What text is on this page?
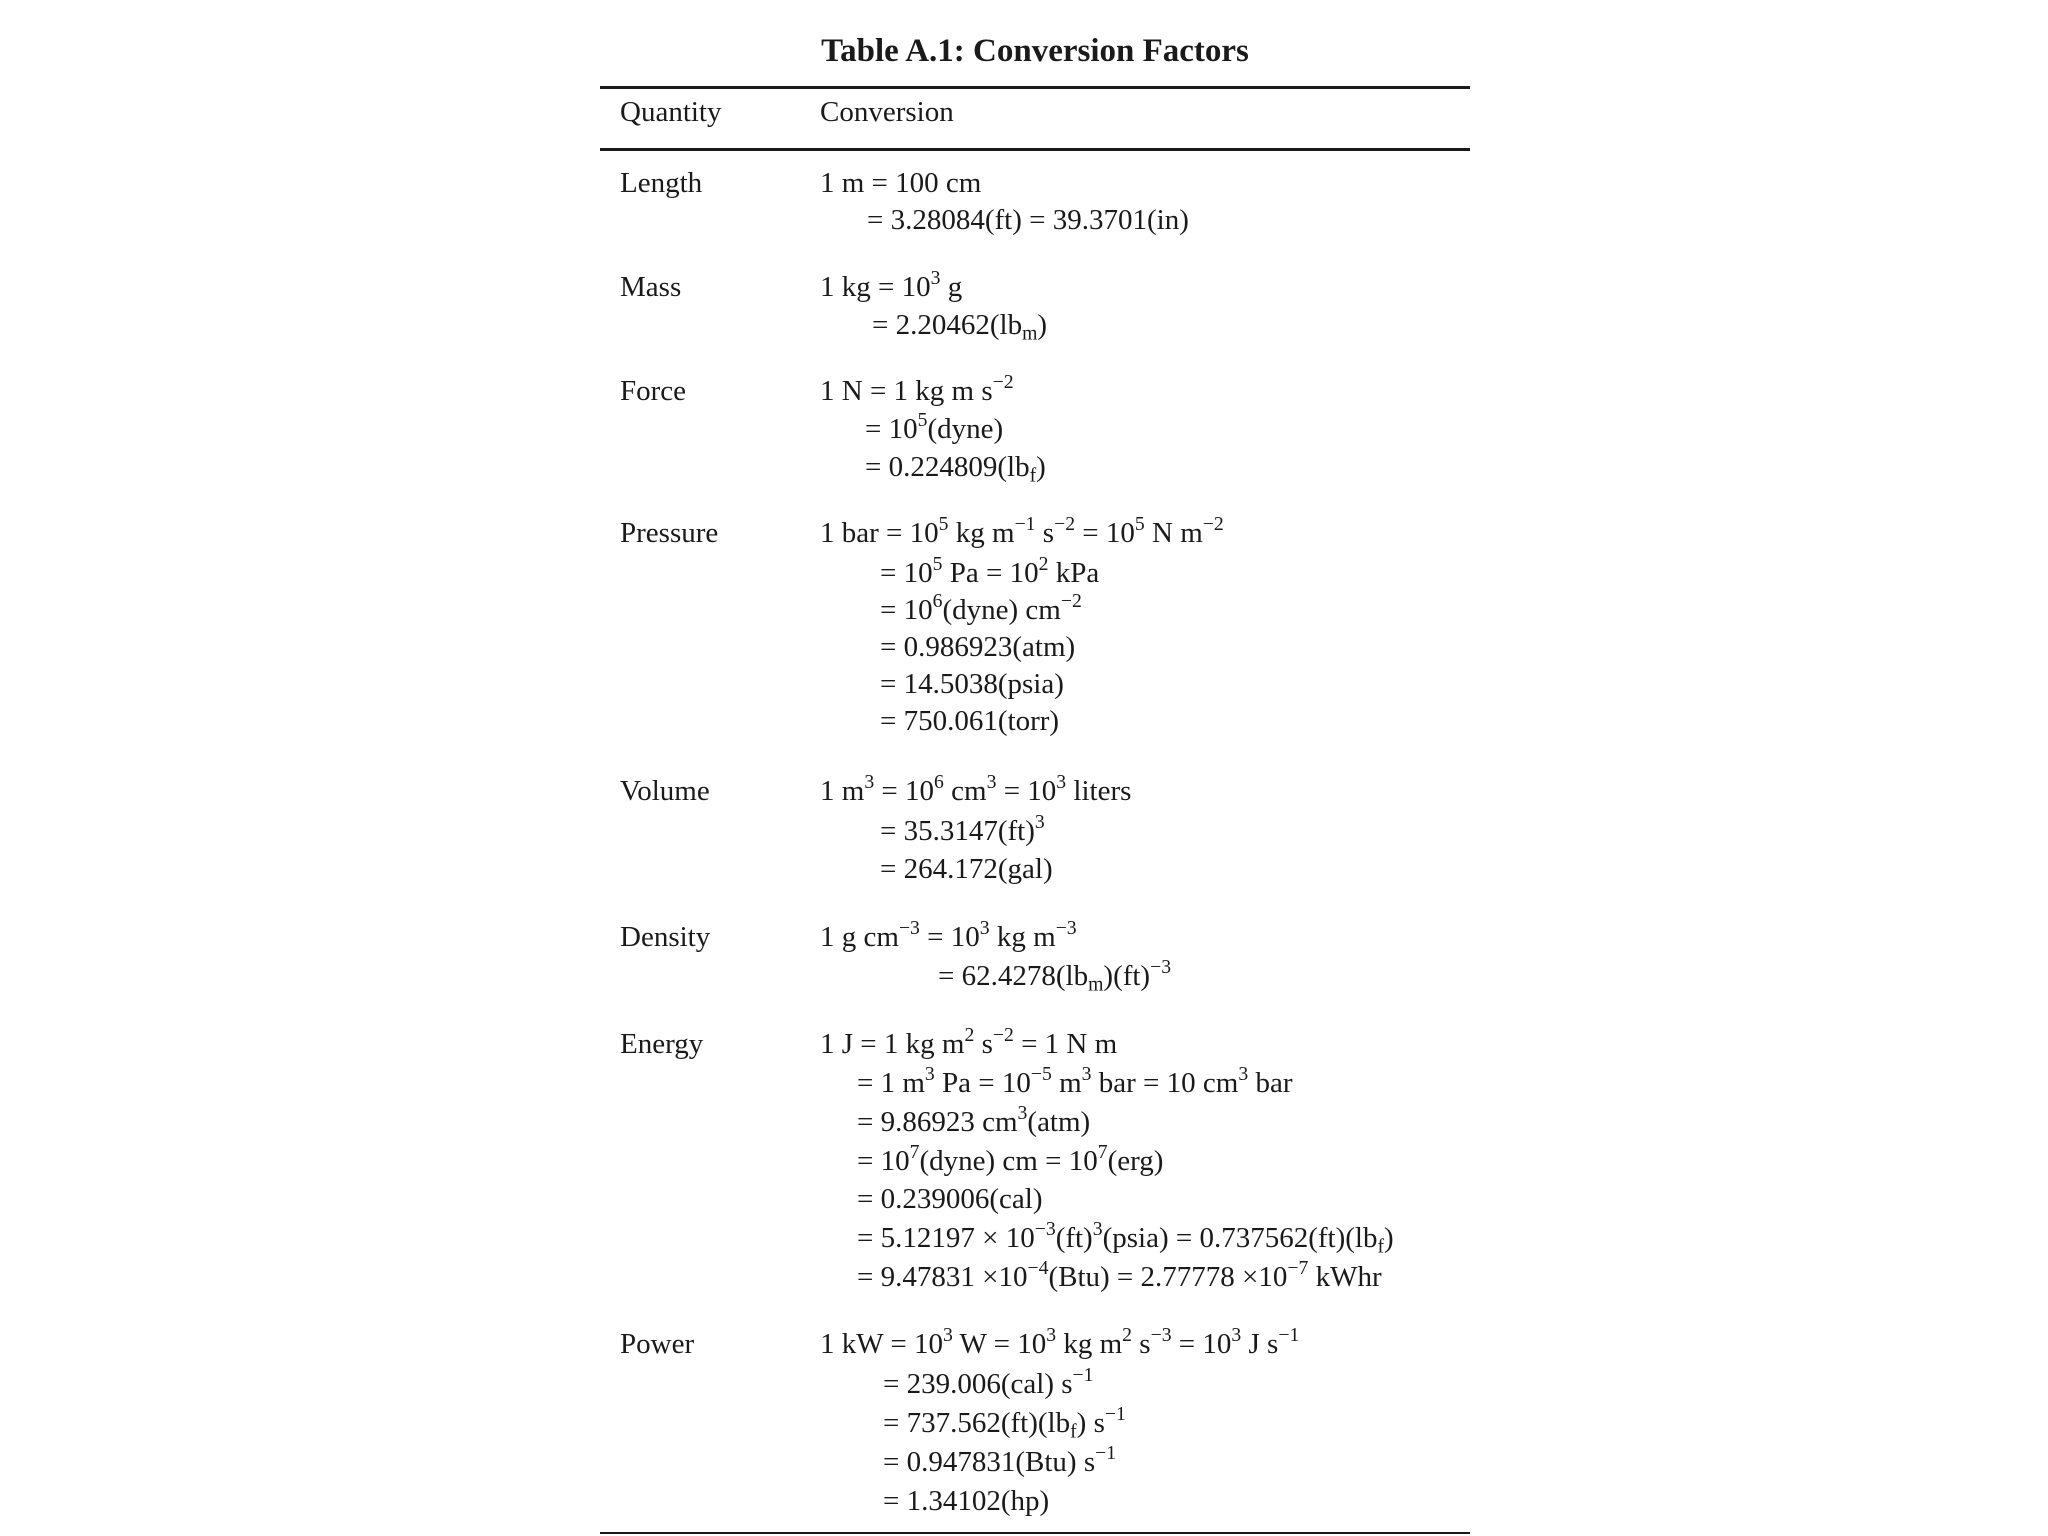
Table A.1: Conversion Factors
Quantity	Conversion
Length	1 m = 100 cm
= 3.28084(ft) = 39.3701(in)
Mass	1 kg = $10^3$ g
= $2.20462(lb_m)$
Force	1 N = 1 kg m $s^{-2}$
= $10^5(dyne)$
= $0.224809(lb_f)$
Pressure	1 bar = $10^5$ kg $m^{-1}$ $s^{-2} = 10^5$ N $m^{-2}$
= $10^5$ $Pa = 10^2$ kPa
= $10^6(dyne)$ $cm^{-2}$
= 0.986923(atm)
= 14.5038(psia)
= 750.061(torr)
Volume	1 $m^3 = 10^6$ $cm^3 = 10^3$ liters
= 35.3147(ft)$^3$
= 264.172(gal)
Density	1 g $cm^{-3} = 10^3$ kg $m^{-3}$
= $62.4278(lb_m)(ft)^{-3}$
Energy	1 J = 1 kg $m^2$ $s^{-2} = 1$ N m
= 1 $m^3$ $Pa = 10^{-5}$ $m^3$ bar = 10 $cm^3$ bar
= 9.86923 $cm^3(atm)$
= $10^7(dyne)$ cm = $10^7(erg)$
= 0.239006(cal)
= $5.12197 \times 10^{-3}(ft)^3(psia) = 0.737562(ft)(lb_f)$
= $9.47831 \times 10^{-4}(Btu) = 2.77778 \times 10^{-7}$ kWhr
Power	1 kW = $10^3$ $W = 10^3$ kg $m^2$ $s^{-3} = 10^3$ J $s^{-1}$
= 239.006(cal) $s^{-1}$
= $737.562(ft)(lb_f)$ $s^{-1}$
= 0.947831(Btu) $s^{-1}$
= 1.34102(hp)
